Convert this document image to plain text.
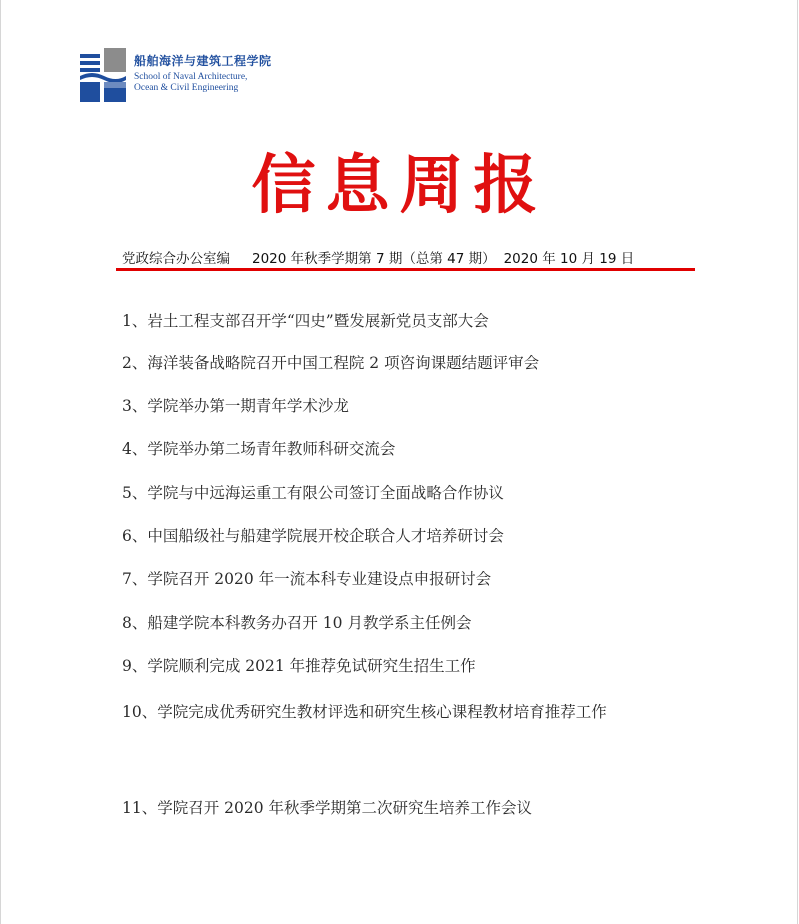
船舶海洋与建筑工程学院
School of Naval Architecture,
Ocean & Civil Engineering
信息周报
党政综合办公室编 2020 年秋季学期第 7 期（总第 47 期） 2020 年 10 月 19 日
1、岩土工程支部召开学“四史”暨发展新党员支部大会
2、海洋装备战略院召开中国工程院 2 项咨询课题结题评审会
3、学院举办第一期青年学术沙龙
4、学院举办第二场青年教师科研交流会
5、学院与中远海运重工有限公司签订全面战略合作协议
6、中国船级社与船建学院展开校企联合人才培养研讨会
7、学院召开 2020 年一流本科专业建设点申报研讨会
8、船建学院本科教务办召开 10 月教学系主任例会
9、学院顺利完成 2021 年推荐免试研究生招生工作
10、学院完成优秀研究生教材评选和研究生核心课程教材培育推荐工作
11、学院召开 2020 年秋季学期第二次研究生培养工作会议
